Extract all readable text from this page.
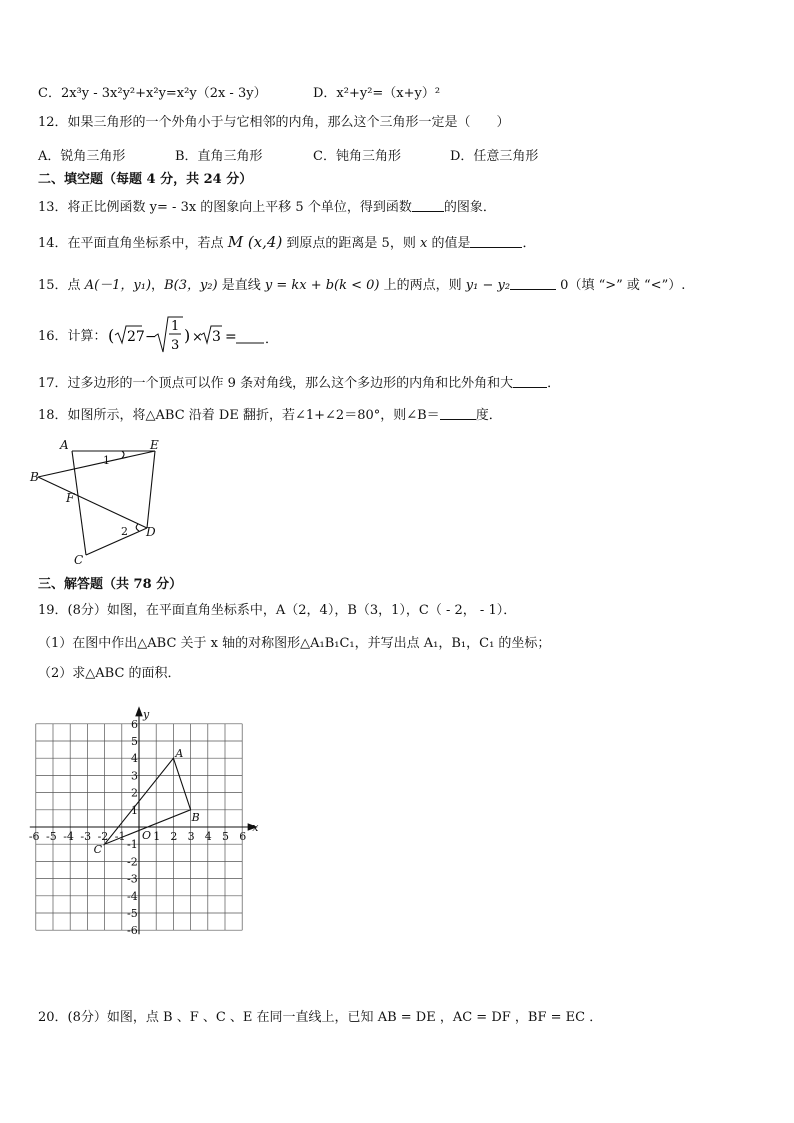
C．2x³y - 3x²y²+x²y=x²y（2x - 3y）	D．x²+y²=（x+y）²
12．如果三角形的一个外角小于与它相邻的内角，那么这个三角形一定是（　　）
A．锐角三角形	B．直角三角形	C．钝角三角形	D．任意三角形
二、填空题（每题 4 分，共 24 分）
13．将正比例函数 y= - 3x 的图象向上平移 5 个单位，得到函数 的图象．
14．在平面直角坐标系中，若点 M (x,4) 到原点的距离是 5，则 x 的值是	．
15．点 A(－1，y₁)，B(3，y₂) 是直线 y = kx + b(k < 0) 上的两点，则 y₁ − y₂	0（填 “>” 或 “<”）.
16．计算： ( 27 −
1
3
) × 3 = ．
17．过多边形的一个顶点可以作 9 条对角线，那么这个多边形的内角和比外角和大	．
18．如图所示，将△ABC 沿着 DE 翻折，若∠1+∠2＝80°，则∠B＝	度．
A	E
B
F
D
C
1
2
三、解答题（共 78 分）
19．(8分）如图，在平面直角坐标系中，A（2，4），B（3，1），C（ - 2， - 1）．
（1）在图中作出△ABC 关于 x 轴的对称图形△A₁B₁C₁，并写出点 A₁，B₁，C₁ 的坐标；
（2）求△ABC 的面积．
-6 -5 -4 -3 -2 -1	1 2 3 4 5 6
6
5
4
3
2
1
-1
-2
-3
-4
-5
-6
O
x
y
A
B
C
20．(8分）如图，点 B 、F 、C 、E 在同一直线上，已知 AB = DE ，AC = DF ，BF = EC ．
